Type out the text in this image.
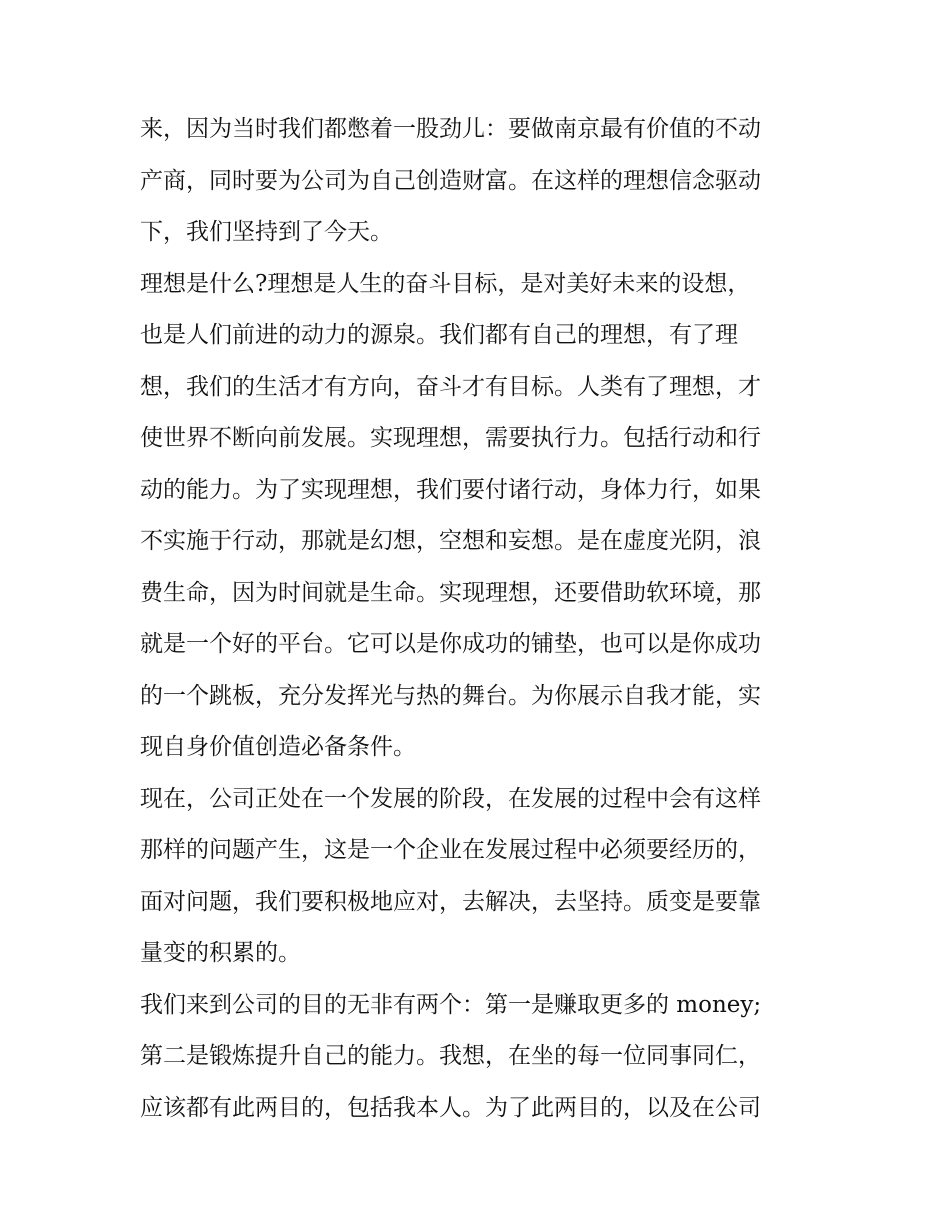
来，因为当时我们都憋着一股劲儿：要做南京最有价值的不动
产商，同时要为公司为自己创造财富。在这样的理想信念驱动
下，我们坚持到了今天。
理想是什么?理想是人生的奋斗目标，是对美好未来的设想，
也是人们前进的动力的源泉。我们都有自己的理想，有了理
想，我们的生活才有方向，奋斗才有目标。人类有了理想，才
使世界不断向前发展。实现理想，需要执行力。包括行动和行
动的能力。为了实现理想，我们要付诸行动，身体力行，如果
不实施于行动，那就是幻想，空想和妄想。是在虚度光阴，浪
费生命，因为时间就是生命。实现理想，还要借助软环境，那
就是一个好的平台。它可以是你成功的铺垫，也可以是你成功
的一个跳板，充分发挥光与热的舞台。为你展示自我才能，实
现自身价值创造必备条件。
现在，公司正处在一个发展的阶段，在发展的过程中会有这样
那样的问题产生，这是一个企业在发展过程中必须要经历的，
面对问题，我们要积极地应对，去解决，去坚持。质变是要靠
量变的积累的。
我们来到公司的目的无非有两个：第一是赚取更多的 money;
第二是锻炼提升自己的能力。我想，在坐的每一位同事同仁，
应该都有此两目的，包括我本人。为了此两目的，以及在公司
